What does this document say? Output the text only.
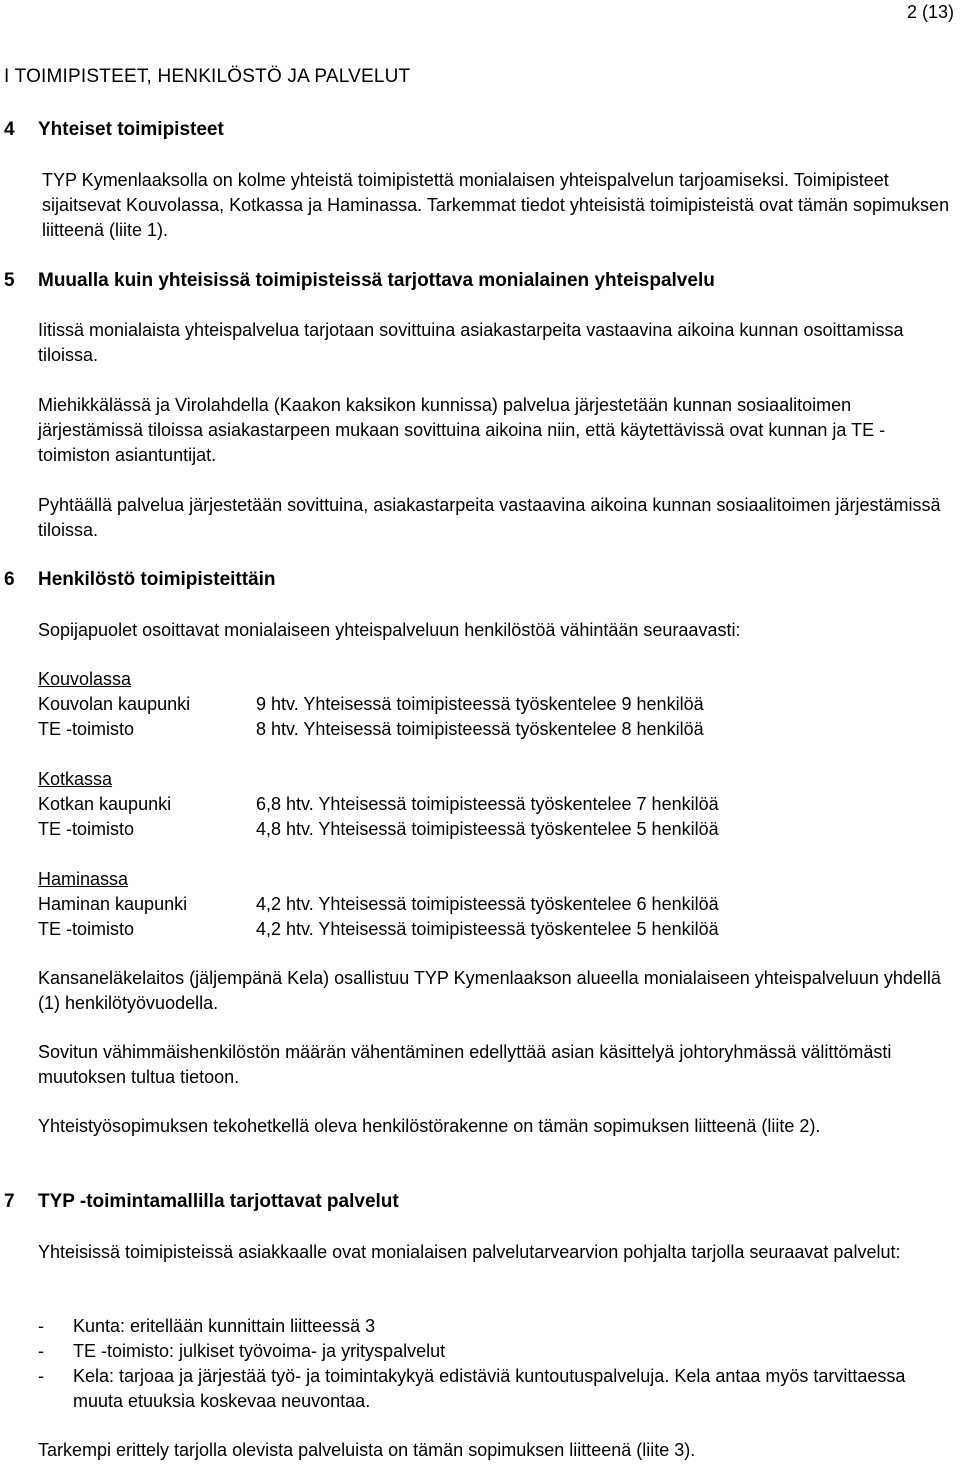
2 (13)
I TOIMIPISTEET, HENKILÖSTÖ JA PALVELUT
4 Yhteiset toimipisteet

TYP Kymenlaaksolla on kolme yhteistä toimipistettä monialaisen yhteispalvelun tarjoamiseksi. Toimipisteet sijaitsevat Kouvolassa, Kotkassa ja Haminassa. Tarkemmat tiedot yhteisistä toimipisteistä ovat tämän sopimuksen liitteenä (liite 1).

5 Muualla kuin yhteisissä toimipisteissä tarjottava monialainen yhteispalvelu

Iitissä monialaista yhteispalvelua tarjotaan sovittuina asiakastarpeita vastaavina aikoina kunnan osoittamissa tiloissa.

Miehikkälässä ja Virolahdella (Kaakon kaksikon kunnissa) palvelua järjestetään kunnan sosiaalitoimen järjestämissä tiloissa asiakastarpeen mukaan sovittuina aikoina niin, että käytettävissä ovat kunnan ja TE -toimiston asiantuntijat.

Pyhtäällä palvelua järjestetään sovittuina, asiakastarpeita vastaavina aikoina kunnan sosiaalitoimen järjestämissä tiloissa.

6 Henkilöstö toimipisteittäin

Sopijapuolet osoittavat monialaiseen yhteispalveluun henkilöstöä vähintään seuraavasti:

Kouvolassa
Kouvolan kaupunki	9 htv. Yhteisessä toimipisteessä työskentelee 9 henkilöä
TE -toimisto	8 htv. Yhteisessä toimipisteessä työskentelee 8 henkilöä
Kotkassa
Kotkan kaupunki	6,8 htv. Yhteisessä toimipisteessä työskentelee 7 henkilöä
TE -toimisto	4,8 htv. Yhteisessä toimipisteessä työskentelee 5 henkilöä
Haminassa
Haminan kaupunki	4,2 htv. Yhteisessä toimipisteessä työskentelee 6 henkilöä
TE -toimisto	4,2 htv. Yhteisessä toimipisteessä työskentelee 5 henkilöä

Kansaneläkelaitos (jäljempänä Kela) osallistuu TYP Kymenlaakson alueella monialaiseen yhteispalveluun yhdellä (1) henkilötyövuodella.

Sovitun vähimmäishenkilöstön määrän vähentäminen edellyttää asian käsittelyä johtoryhmässä välittömästi muutoksen tultua tietoon.

Yhteistyösopimuksen tekohetkellä oleva henkilöstörakenne on tämän sopimuksen liitteenä (liite 2).

7 TYP -toimintamallilla tarjottavat palvelut

Yhteisissä toimipisteissä asiakkaalle ovat monialaisen palvelutarvearvion pohjalta tarjolla seuraavat palvelut:

- Kunta: eritellään kunnittain liitteessä 3
- TE -toimisto: julkiset työvoima- ja yrityspalvelut
- Kela: tarjoaa ja järjestää työ- ja toimintakykyä edistäviä kuntoutuspalveluja. Kela antaa myös tarvittaessa muuta etuuksia koskevaa neuvontaa.

Tarkempi erittely tarjolla olevista palveluista on tämän sopimuksen liitteenä (liite 3).
